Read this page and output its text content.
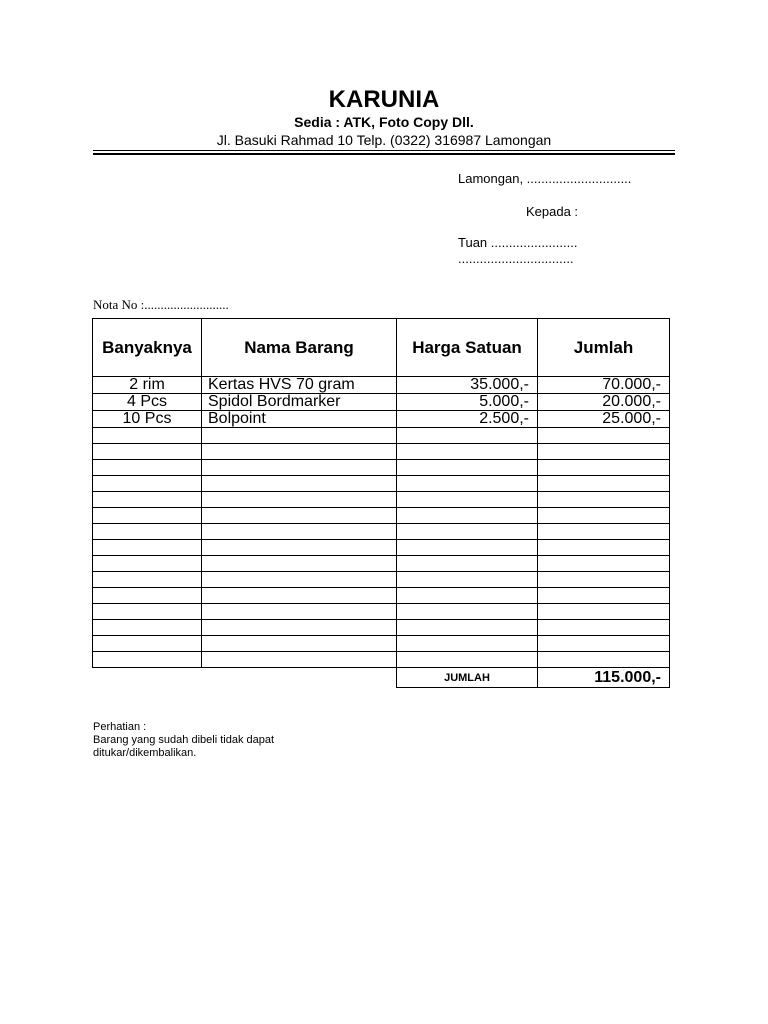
KARUNIA
Sedia : ATK, Foto Copy Dll.
Jl. Basuki Rahmad 10 Telp. (0322) 316987 Lamongan
Lamongan, .............................
Kepada :
Tuan ........................
................................
Nota No :..........................
Banyaknya	Nama Barang	Harga Satuan	Jumlah
2 rim	Kertas HVS 70 gram	35.000,-	70.000,-
4 Pcs	Spidol Bordmarker	5.000,-	20.000,-
10 Pcs	Bolpoint	2.500,-	25.000,-

		JUMLAH	115.000,-
Perhatian :
Barang yang sudah dibeli tidak dapat
ditukar/dikembalikan.
